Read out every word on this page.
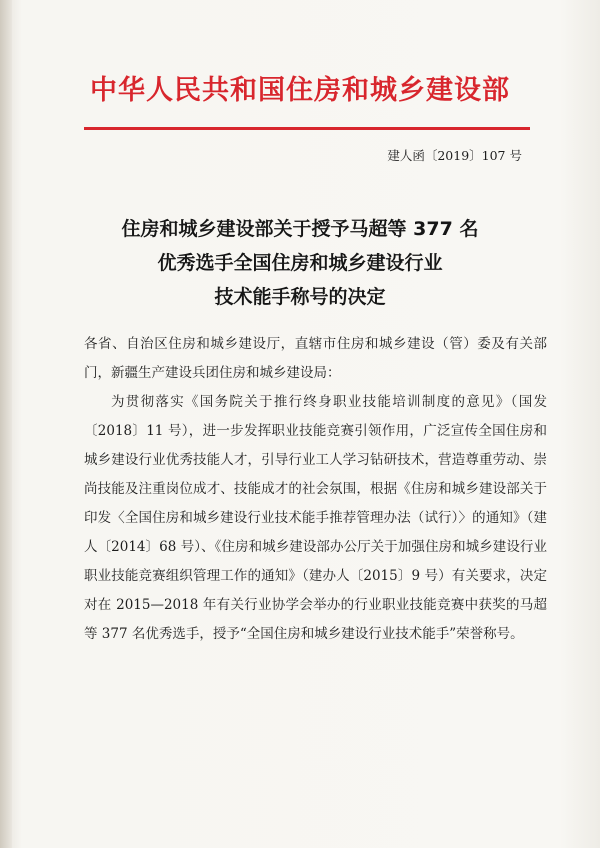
中华人民共和国住房和城乡建设部
建人函〔2019〕107 号
住房和城乡建设部关于授予马超等 377 名
优秀选手全国住房和城乡建设行业
技术能手称号的决定

各省、自治区住房和城乡建设厅，直辖市住房和城乡建设（管）委及有关部门，新疆生产建设兵团住房和城乡建设局：

为贯彻落实《国务院关于推行终身职业技能培训制度的意见》（国发〔2018〕11 号），进一步发挥职业技能竞赛引领作用，广泛宣传全国住房和城乡建设行业优秀技能人才，引导行业工人学习钻研技术，营造尊重劳动、崇尚技能及注重岗位成才、技能成才的社会氛围，根据《住房和城乡建设部关于印发〈全国住房和城乡建设行业技术能手推荐管理办法（试行）〉的通知》（建人〔2014〕68 号）、《住房和城乡建设部办公厅关于加强住房和城乡建设行业职业技能竞赛组织管理工作的通知》（建办人〔2015〕9 号）有关要求，决定对在 2015—2018 年有关行业协学会举办的行业职业技能竞赛中获奖的马超等 377 名优秀选手，授予“全国住房和城乡建设行业技术能手”荣誉称号。
